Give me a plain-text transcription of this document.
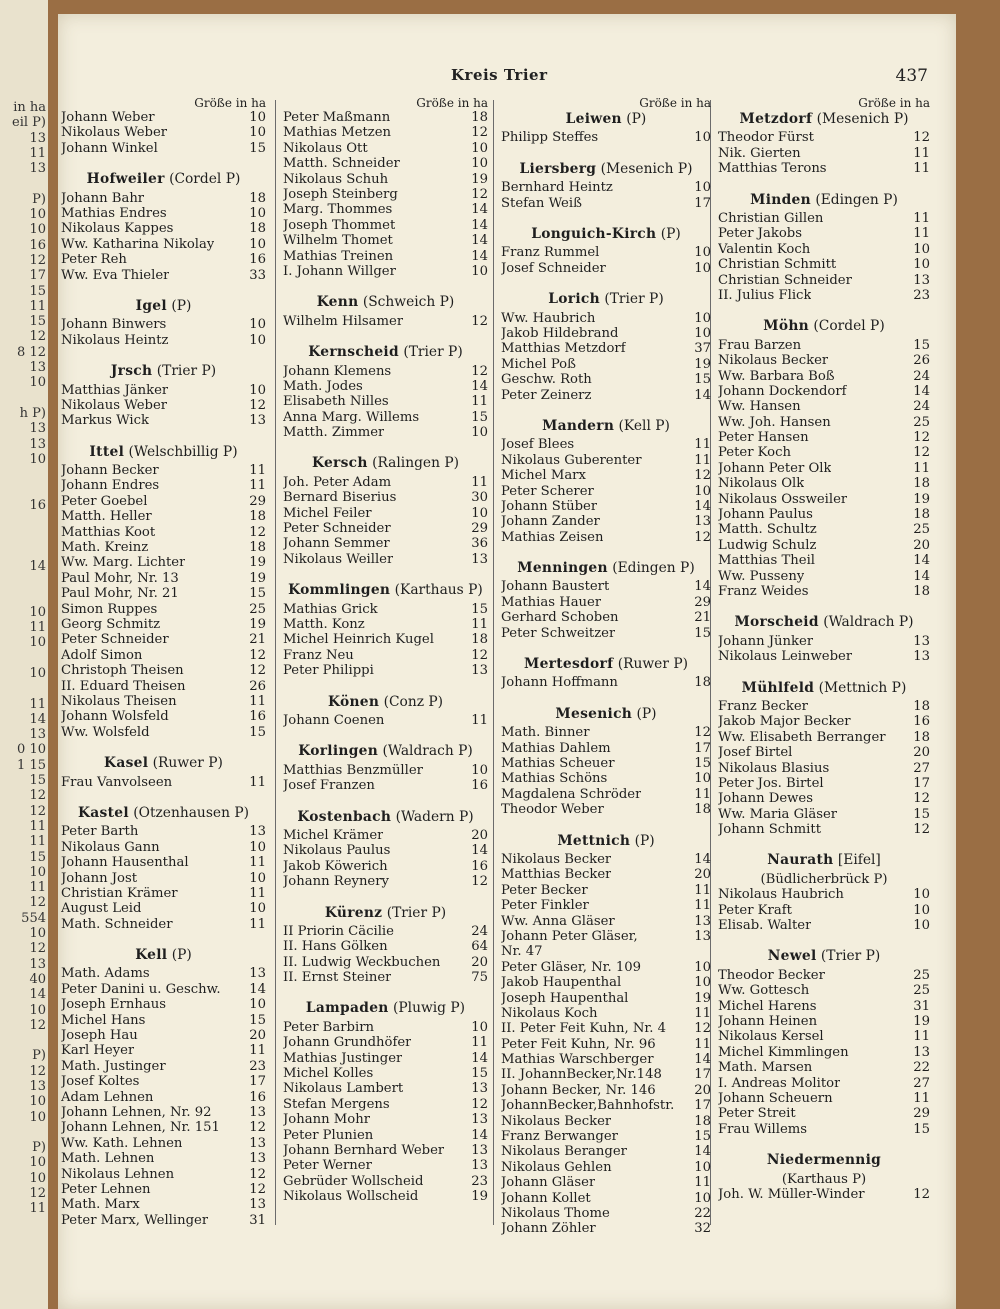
in ha
eil P)
13
11
13
P)
10
10
16
12
17
15
11
15
12
8 12
13
10
h P)
13
13
10
16
14
10
11
10
10
11
14
13
0 10
1 15
15
12
12
11
11
15
10
11
12
554
10
12
13
40
14
10
12
P)
12
13
10
10
P)
10
10
12
11
Kreis Trier	437
Größe in ha
Johann Weber	10
Nikolaus Weber	10
Johann Winkel	15
Hofweiler (Cordel P)
Johann Bahr	18
Mathias Endres	10
Nikolaus Kappes	18
Ww. Katharina Nikolay	10
Peter Reh	16
Ww. Eva Thieler	33
Igel (P)
Johann Binwers	10
Nikolaus Heintz	10
Jrsch (Trier P)
Matthias Jänker	10
Nikolaus Weber	12
Markus Wick	13
Ittel (Welschbillig P)
Johann Becker	11
Johann Endres	11
Peter Goebel	29
Matth. Heller	18
Matthias Koot	12
Math. Kreinz	18
Ww. Marg. Lichter	19
Paul Mohr, Nr. 13	19
Paul Mohr, Nr. 21	15
Simon Ruppes	25
Georg Schmitz	19
Peter Schneider	21
Adolf Simon	12
Christoph Theisen	12
II. Eduard Theisen	26
Nikolaus Theisen	11
Johann Wolsfeld	16
Ww. Wolsfeld	15
Kasel (Ruwer P)
Frau Vanvolseen	11
Kastel (Otzenhausen P)
Peter Barth	13
Nikolaus Gann	10
Johann Hausenthal	11
Johann Jost	10
Christian Krämer	11
August Leid	10
Math. Schneider	11
Kell (P)
Math. Adams	13
Peter Danini u. Geschw.	14
Joseph Ernhaus	10
Michel Hans	15
Joseph Hau	20
Karl Heyer	11
Math. Justinger	23
Josef Koltes	17
Adam Lehnen	16
Johann Lehnen, Nr. 92	13
Johann Lehnen, Nr. 151	12
Ww. Kath. Lehnen	13
Math. Lehnen	13
Nikolaus Lehnen	12
Peter Lehnen	12
Math. Marx	13
Peter Marx, Wellinger	31
Größe in ha
Peter Maßmann	18
Mathias Metzen	12
Nikolaus Ott	10
Matth. Schneider	10
Nikolaus Schuh	19
Joseph Steinberg	12
Marg. Thommes	14
Joseph Thommet	14
Wilhelm Thomet	14
Mathias Treinen	14
I. Johann Willger	10
Kenn (Schweich P)
Wilhelm Hilsamer	12
Kernscheid (Trier P)
Johann Klemens	12
Math. Jodes	14
Elisabeth Nilles	11
Anna Marg. Willems	15
Matth. Zimmer	10
Kersch (Ralingen P)
Joh. Peter Adam	11
Bernard Biserius	30
Michel Feiler	10
Peter Schneider	29
Johann Semmer	36
Nikolaus Weiller	13
Kommlingen (Karthaus P)
Mathias Grick	15
Matth. Konz	11
Michel Heinrich Kugel	18
Franz Neu	12
Peter Philippi	13
Könen (Conz P)
Johann Coenen	11
Korlingen (Waldrach P)
Matthias Benzmüller	10
Josef Franzen	16
Kostenbach (Wadern P)
Michel Krämer	20
Nikolaus Paulus	14
Jakob Köwerich	16
Johann Reynery	12
Kürenz (Trier P)
II Priorin Cäcilie	24
II. Hans Gölken	64
II. Ludwig Weckbuchen	20
II. Ernst Steiner	75
Lampaden (Pluwig P)
Peter Barbirn	10
Johann Grundhöfer	11
Mathias Justinger	14
Michel Kolles	15
Nikolaus Lambert	13
Stefan Mergens	12
Johann Mohr	13
Peter Plunien	14
Johann Bernhard Weber	13
Peter Werner	13
Gebrüder Wollscheid	23
Nikolaus Wollscheid	19
Größe in ha
Leiwen (P)
Philipp Steffes	10
Liersberg (Mesenich P)
Bernhard Heintz	10
Stefan Weiß	17
Longuich-Kirch (P)
Franz Rummel	10
Josef Schneider	10
Lorich (Trier P)
Ww. Haubrich	10
Jakob Hildebrand	10
Matthias Metzdorf	37
Michel Poß	19
Geschw. Roth	15
Peter Zeinerz	14
Mandern (Kell P)
Josef Blees	11
Nikolaus Guberenter	11
Michel Marx	12
Peter Scherer	10
Johann Stüber	14
Johann Zander	13
Mathias Zeisen	12
Menningen (Edingen P)
Johann Baustert	14
Mathias Hauer	29
Gerhard Schoben	21
Peter Schweitzer	15
Mertesdorf (Ruwer P)
Johann Hoffmann	18
Mesenich (P)
Math. Binner	12
Mathias Dahlem	17
Mathias Scheuer	15
Mathias Schöns	10
Magdalena Schröder	11
Theodor Weber	18
Mettnich (P)
Nikolaus Becker	14
Matthias Becker	20
Peter Becker	11
Peter Finkler	11
Ww. Anna Gläser	13
Johann Peter Gläser,	13
Nr. 47
Peter Gläser, Nr. 109	10
Jakob Haupenthal	10
Joseph Haupenthal	19
Nikolaus Koch	11
II. Peter Feit Kuhn, Nr. 4	12
Peter Feit Kuhn, Nr. 96	11
Mathias Warschberger	14
II. JohannBecker,Nr.148	17
Johann Becker, Nr. 146	20
JohannBecker,Bahnhofstr.	17
Nikolaus Becker	18
Franz Berwanger	15
Nikolaus Beranger	14
Nikolaus Gehlen	10
Johann Gläser	11
Johann Kollet	10
Nikolaus Thome	22
Johann Zöhler	32
Größe in ha
Metzdorf (Mesenich P)
Theodor Fürst	12
Nik. Gierten	11
Matthias Terons	11
Minden (Edingen P)
Christian Gillen	11
Peter Jakobs	11
Valentin Koch	10
Christian Schmitt	10
Christian Schneider	13
II. Julius Flick	23
Möhn (Cordel P)
Frau Barzen	15
Nikolaus Becker	26
Ww. Barbara Boß	24
Johann Dockendorf	14
Ww. Hansen	24
Ww. Joh. Hansen	25
Peter Hansen	12
Peter Koch	12
Johann Peter Olk	11
Nikolaus Olk	18
Nikolaus Ossweiler	19
Johann Paulus	18
Matth. Schultz	25
Ludwig Schulz	20
Matthias Theil	14
Ww. Pusseny	14
Franz Weides	18
Morscheid (Waldrach P)
Johann Jünker	13
Nikolaus Leinweber	13
Mühlfeld (Mettnich P)
Franz Becker	18
Jakob Major Becker	16
Ww. Elisabeth Berranger	18
Josef Birtel	20
Nikolaus Blasius	27
Peter Jos. Birtel	17
Johann Dewes	12
Ww. Maria Gläser	15
Johann Schmitt	12
Naurath [Eifel]
(Büdlicherbrück P)
Nikolaus Haubrich	10
Peter Kraft	10
Elisab. Walter	10
Newel (Trier P)
Theodor Becker	25
Ww. Gottesch	25
Michel Harens	31
Johann Heinen	19
Nikolaus Kersel	11
Michel Kimmlingen	13
Math. Marsen	22
I. Andreas Molitor	27
Johann Scheuern	11
Peter Streit	29
Frau Willems	15
Niedermennig
(Karthaus P)
Joh. W. Müller-Winder	12
